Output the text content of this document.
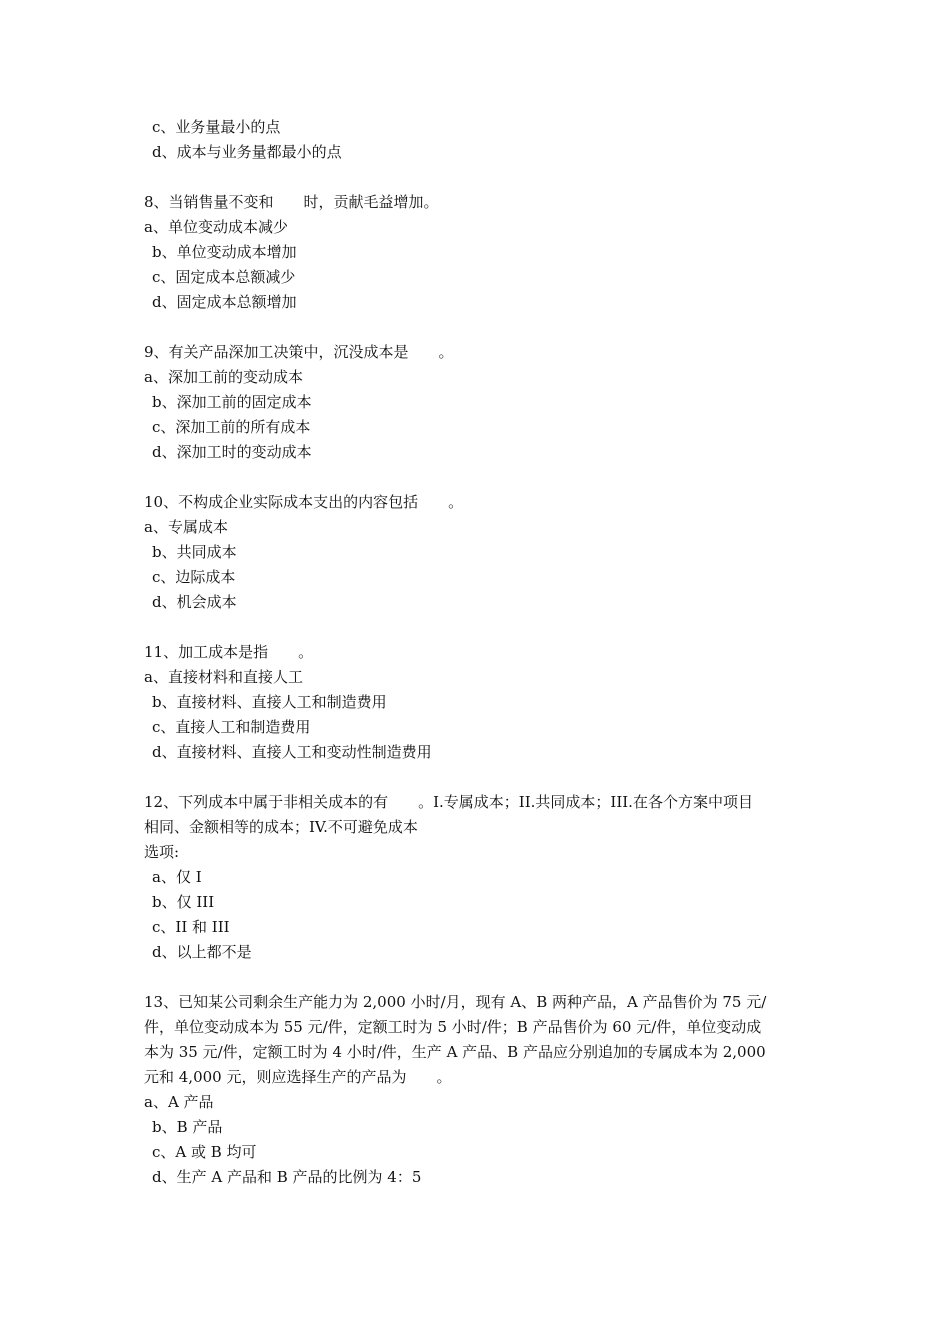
c、业务量最小的点
d、成本与业务量都最小的点
8、当销售量不变和 时，贡献毛益增加。
a、单位变动成本减少
b、单位变动成本增加
c、固定成本总额减少
d、固定成本总额增加
9、有关产品深加工决策中，沉没成本是 。
a、深加工前的变动成本
b、深加工前的固定成本
c、深加工前的所有成本
d、深加工时的变动成本
10、不构成企业实际成本支出的内容包括 。
a、专属成本
b、共同成本
c、边际成本
d、机会成本
11、加工成本是指 。
a、直接材料和直接人工
b、直接材料、直接人工和制造费用
c、直接人工和制造费用
d、直接材料、直接人工和变动性制造费用
12、下列成本中属于非相关成本的有 。I.专属成本；II.共同成本；III.在各个方案中项目
相同、金额相等的成本；IV.不可避免成本
选项:
a、仅 I
b、仅 III
c、II 和 III
d、以上都不是
13、已知某公司剩余生产能力为 2,000 小时/月，现有 A、B 两种产品，A 产品售价为 75 元/
件，单位变动成本为 55 元/件，定额工时为 5 小时/件；B 产品售价为 60 元/件，单位变动成
本为 35 元/件，定额工时为 4 小时/件，生产 A 产品、B 产品应分别追加的专属成本为 2,000
元和 4,000 元，则应选择生产的产品为 。
a、A 产品
b、B 产品
c、A 或 B 均可
d、生产 A 产品和 B 产品的比例为 4：5
